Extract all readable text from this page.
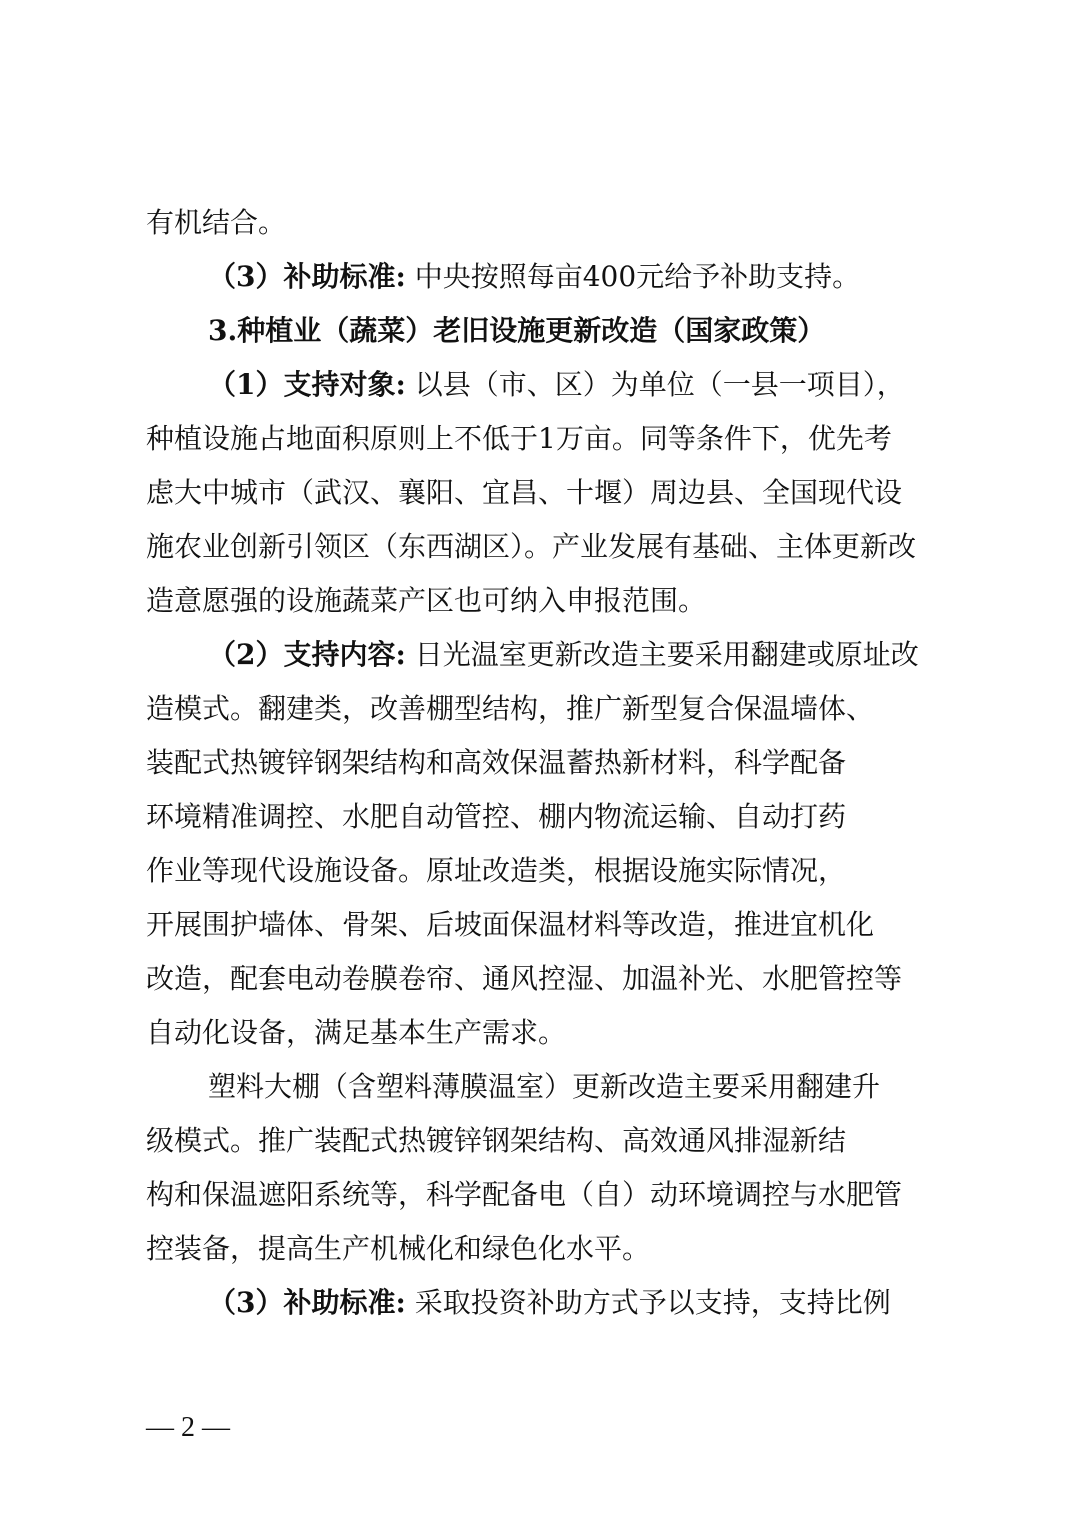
有机结合。
（3）补助标准: 中央按照每亩400元给予补助支持。
3.种植业（蔬菜）老旧设施更新改造（国家政策）
（1）支持对象: 以县（市、区）为单位（一县一项目），
种植设施占地面积原则上不低于1万亩。同等条件下，优先考
虑大中城市（武汉、襄阳、宜昌、十堰）周边县、全国现代设
施农业创新引领区（东西湖区）。产业发展有基础、主体更新改
造意愿强的设施蔬菜产区也可纳入申报范围。
（2）支持内容: 日光温室更新改造主要采用翻建或原址改
造模式。翻建类，改善棚型结构，推广新型复合保温墙体、
装配式热镀锌钢架结构和高效保温蓄热新材料，科学配备
环境精准调控、水肥自动管控、棚内物流运输、自动打药
作业等现代设施设备。原址改造类，根据设施实际情况，
开展围护墙体、骨架、后坡面保温材料等改造，推进宜机化
改造，配套电动卷膜卷帘、通风控湿、加温补光、水肥管控等
自动化设备，满足基本生产需求。
塑料大棚（含塑料薄膜温室）更新改造主要采用翻建升
级模式。推广装配式热镀锌钢架结构、高效通风排湿新结
构和保温遮阳系统等，科学配备电（自）动环境调控与水肥管
控装备，提高生产机械化和绿色化水平。
（3）补助标准: 采取投资补助方式予以支持，支持比例
— 2 —
